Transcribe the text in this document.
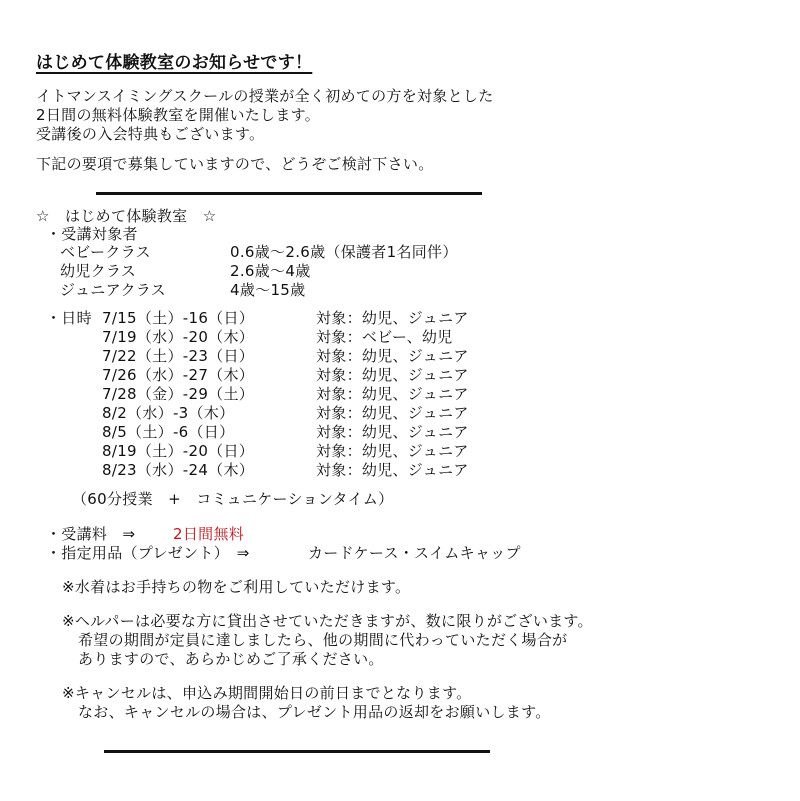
はじめて体験教室のお知らせです！
イトマンスイミングスクールの授業が全く初めての方を対象とした
2日間の無料体験教室を開催いたします。
受講後の入会特典もございます。
下記の要項で募集していますので、どうぞご検討下さい。
☆　はじめて体験教室　☆
・受講対象者
ベビークラス	0.6歳～2.6歳（保護者1名同伴）
幼児クラス	2.6歳～4歳
ジュニアクラス	4歳～15歳
・日時 7/15（土）-16（日）	対象：幼児、ジュニア
7/19（水）-20（木）	対象：ベビー、幼児
7/22（土）-23（日）	対象：幼児、ジュニア
7/26（水）-27（木）	対象：幼児、ジュニア
7/28（金）-29（土）	対象：幼児、ジュニア
8/2（水）-3（木）	対象：幼児、ジュニア
8/5（土）-6（日）	対象：幼児、ジュニア
8/19（土）-20（日）	対象：幼児、ジュニア
8/23（水）-24（木）	対象：幼児、ジュニア
（60分授業　+　コミュニケーションタイム）
・受講料　⇒	2日間無料
・指定用品（プレゼント）　⇒	カードケース・スイムキャップ
※水着はお手持ちの物をご利用していただけます。
※ヘルパーは必要な方に貸出させていただきますが、数に限りがございます。
希望の期間が定員に達しましたら、他の期間に代わっていただく場合が
ありますので、あらかじめご了承ください。
※キャンセルは、申込み期間開始日の前日までとなります。
なお、キャンセルの場合は、プレゼント用品の返却をお願いします。
